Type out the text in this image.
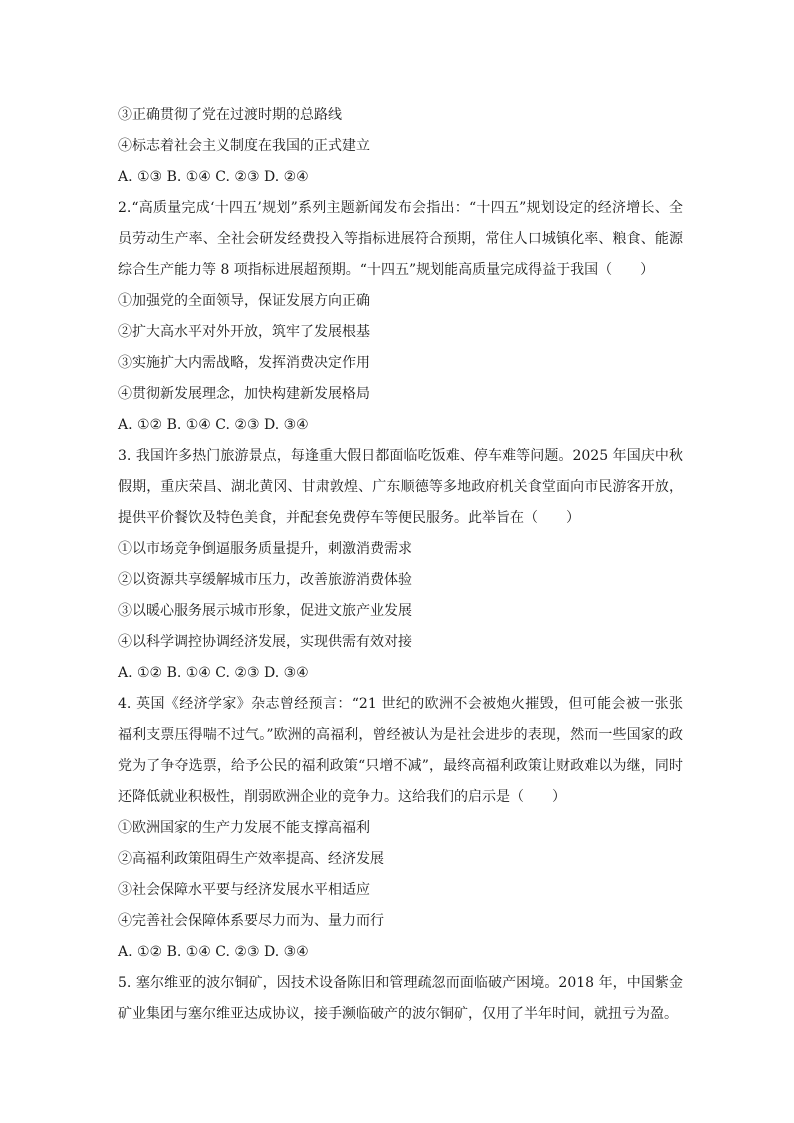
③正确贯彻了党在过渡时期的总路线
④标志着社会主义制度在我国的正式建立
A. ①③ B. ①④ C. ②③ D. ②④
2.“高质量完成‘十四五’规划”系列主题新闻发布会指出：“十四五”规划设定的经济增长、全员劳动生产率、全社会研发经费投入等指标进展符合预期，常住人口城镇化率、粮食、能源综合生产能力等 8 项指标进展超预期。“十四五”规划能高质量完成得益于我国（　　）
①加强党的全面领导，保证发展方向正确
②扩大高水平对外开放，筑牢了发展根基
③实施扩大内需战略，发挥消费决定作用
④贯彻新发展理念，加快构建新发展格局
A. ①② B. ①④ C. ②③ D. ③④
3. 我国许多热门旅游景点，每逢重大假日都面临吃饭难、停车难等问题。2025 年国庆中秋假期，重庆荣昌、湖北黄冈、甘肃敦煌、广东顺德等多地政府机关食堂面向市民游客开放，提供平价餐饮及特色美食，并配套免费停车等便民服务。此举旨在（　　）
①以市场竞争倒逼服务质量提升，刺激消费需求
②以资源共享缓解城市压力，改善旅游消费体验
③以暖心服务展示城市形象，促进文旅产业发展
④以科学调控协调经济发展，实现供需有效对接
A. ①② B. ①④ C. ②③ D. ③④
4. 英国《经济学家》杂志曾经预言：“21 世纪的欧洲不会被炮火摧毁，但可能会被一张张福利支票压得喘不过气。”欧洲的高福利，曾经被认为是社会进步的表现，然而一些国家的政党为了争夺选票，给予公民的福利政策“只增不减”，最终高福利政策让财政难以为继，同时还降低就业积极性，削弱欧洲企业的竞争力。这给我们的启示是（　　）
①欧洲国家的生产力发展不能支撑高福利
②高福利政策阻碍生产效率提高、经济发展
③社会保障水平要与经济发展水平相适应
④完善社会保障体系要尽力而为、量力而行
A. ①② B. ①④ C. ②③ D. ③④
5. 塞尔维亚的波尔铜矿，因技术设备陈旧和管理疏忽而面临破产困境。2018 年，中国紫金矿业集团与塞尔维亚达成协议，接手濒临破产的波尔铜矿，仅用了半年时间，就扭亏为盈。
